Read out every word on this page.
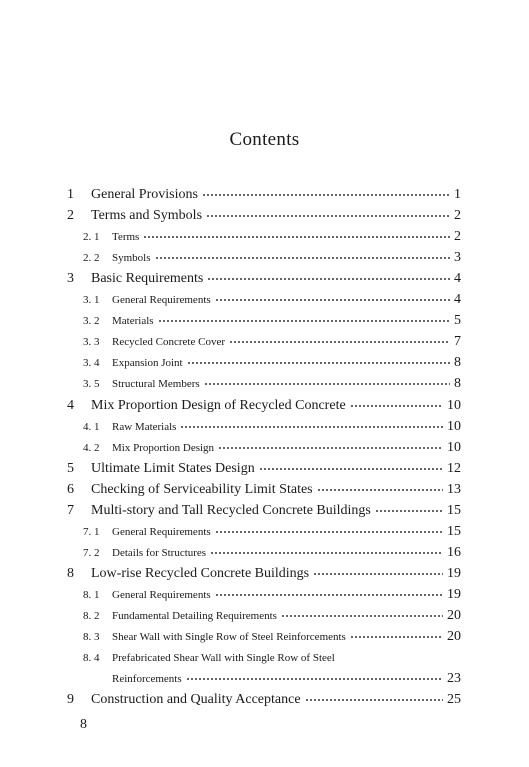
Contents
1	General Provisions	1
2	Terms and Symbols	2
2. 1	Terms	2
2. 2	Symbols	3
3	Basic Requirements	4
3. 1	General Requirements	4
3. 2	Materials	5
3. 3	Recycled Concrete Cover	7
3. 4	Expansion Joint	8
3. 5	Structural Members	8
4	Mix Proportion Design of Recycled Concrete	10
4. 1	Raw Materials	10
4. 2	Mix Proportion Design	10
5	Ultimate Limit States Design	12
6	Checking of Serviceability Limit States	13
7	Multi-story and Tall Recycled Concrete Buildings	15
7. 1	General Requirements	15
7. 2	Details for Structures	16
8	Low-rise Recycled Concrete Buildings	19
8. 1	General Requirements	19
8. 2	Fundamental Detailing Requirements	20
8. 3	Shear Wall with Single Row of Steel Reinforcements	20
8. 4	Prefabricated Shear Wall with Single Row of Steel
Reinforcements	23
9	Construction and Quality Acceptance	25
8
